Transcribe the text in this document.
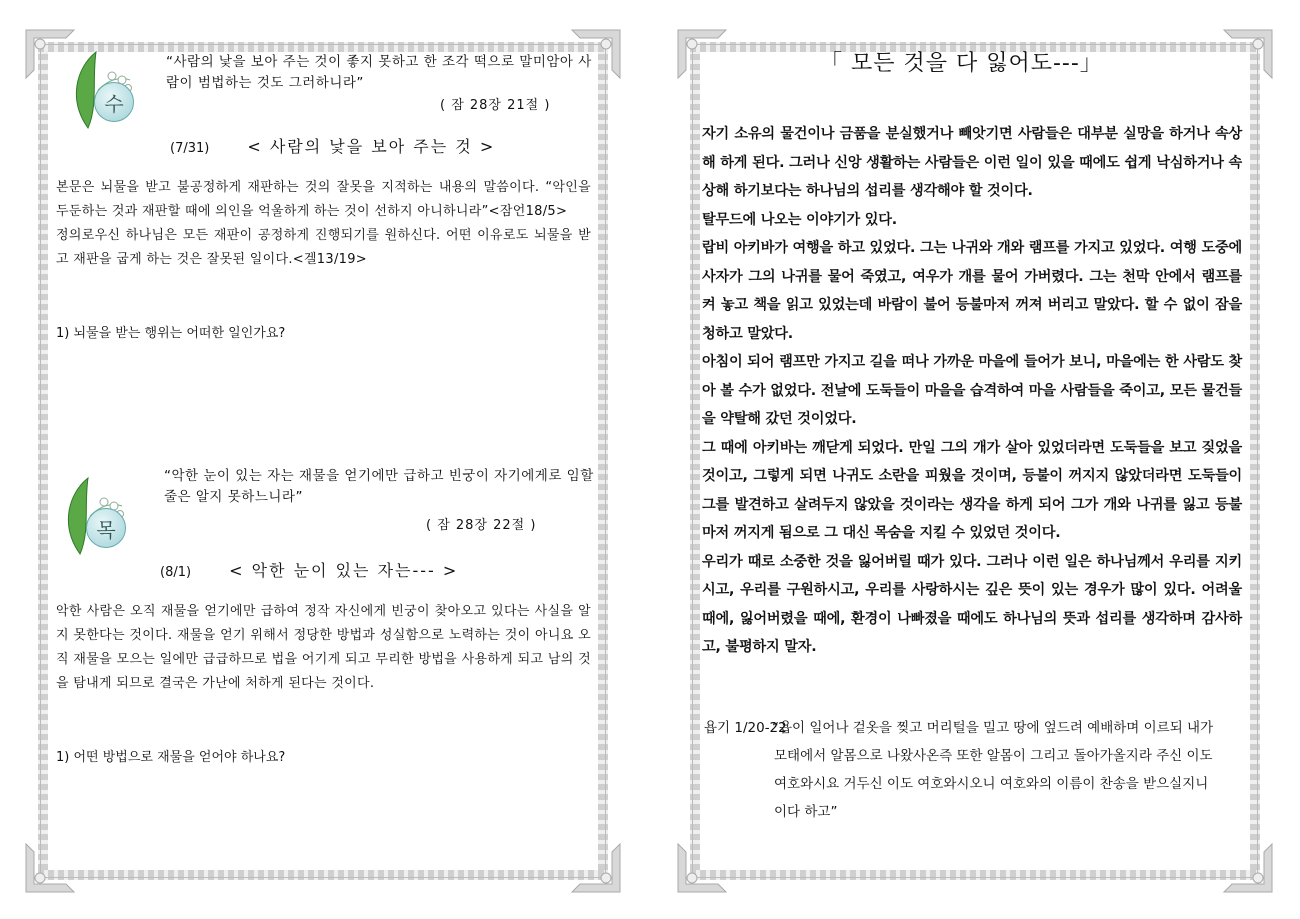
수
“사람의 낯을 보아 주는 것이 좋지 못하고 한 조각 떡으로 말미암아 사람이 범법하는 것도 그러하니라”
( 잠 28장 21절 )
(7/31) < 사람의 낯을 보아 주는 것 >

본문은 뇌물을 받고 불공정하게 재판하는 것의 잘못을 지적하는 내용의 말씀이다. “악인을 두둔하는 것과 재판할 때에 의인을 억울하게 하는 것이 선하지 아니하니라”<잠언18/5>

정의로우신 하나님은 모든 재판이 공정하게 진행되기를 원하신다. 어떤 이유로도 뇌물을 받고 재판을 굽게 하는 것은 잘못된 일이다.<겔13/19>

1) 뇌물을 받는 행위는 어떠한 일인가요?
목
“악한 눈이 있는 자는 재물을 얻기에만 급하고 빈궁이 자기에게로 임할 줄은 알지 못하느니라”
( 잠 28장 22절 )
(8/1) < 악한 눈이 있는 자는--- >

악한 사람은 오직 재물을 얻기에만 급하여 정작 자신에게 빈궁이 찾아오고 있다는 사실을 알지 못한다는 것이다. 재물을 얻기 위해서 정당한 방법과 성실함으로 노력하는 것이 아니요 오직 재물을 모으는 일에만 급급하므로 법을 어기게 되고 무리한 방법을 사용하게 되고 남의 것을 탐내게 되므로 결국은 가난에 처하게 된다는 것이다.

1) 어떤 방법으로 재물을 얻어야 하나요?
「 모든 것을 다 잃어도---」

자기 소유의 물건이나 금품을 분실했거나 빼앗기면 사람들은 대부분 실망을 하거나 속상해 하게 된다. 그러나 신앙 생활하는 사람들은 이런 일이 있을 때에도 쉽게 낙심하거나 속상해 하기보다는 하나님의 섭리를 생각해야 할 것이다.

탈무드에 나오는 이야기가 있다.

랍비 아키바가 여행을 하고 있었다. 그는 나귀와 개와 램프를 가지고 있었다. 여행 도중에 사자가 그의 나귀를 물어 죽였고, 여우가 개를 물어 가버렸다. 그는 천막 안에서 램프를 켜 놓고 책을 읽고 있었는데 바람이 불어 등불마저 꺼져 버리고 말았다. 할 수 없이 잠을 청하고 말았다.

아침이 되어 램프만 가지고 길을 떠나 가까운 마을에 들어가 보니, 마을에는 한 사람도 찾아 볼 수가 없었다. 전날에 도둑들이 마을을 습격하여 마을 사람들을 죽이고, 모든 물건들을 약탈해 갔던 것이었다.

그 때에 아키바는 깨닫게 되었다. 만일 그의 개가 살아 있었더라면 도둑들을 보고 짖었을 것이고, 그렇게 되면 나귀도 소란을 피웠을 것이며, 등불이 꺼지지 않았더라면 도둑들이 그를 발견하고 살려두지 않았을 것이라는 생각을 하게 되어 그가 개와 나귀를 잃고 등불마저 꺼지게 됨으로 그 대신 목숨을 지킬 수 있었던 것이다.

우리가 때로 소중한 것을 잃어버릴 때가 있다. 그러나 이런 일은 하나님께서 우리를 지키시고, 우리를 구원하시고, 우리를 사랑하시는 깊은 뜻이 있는 경우가 많이 있다. 어려울 때에, 잃어버렸을 때에, 환경이 나빠졌을 때에도 하나님의 뜻과 섭리를 생각하며 감사하고, 불평하지 말자.

욥기 1/20-22
“욥이 일어나 겉옷을 찢고 머리털을 밀고 땅에 엎드려 예배하며 이르되 내가 모태에서 알몸으로 나왔사온즉 또한 알몸이 그리고 돌아가올지라 주신 이도 여호와시요 거두신 이도 여호와시오니 여호와의 이름이 찬송을 받으실지니이다 하고”
